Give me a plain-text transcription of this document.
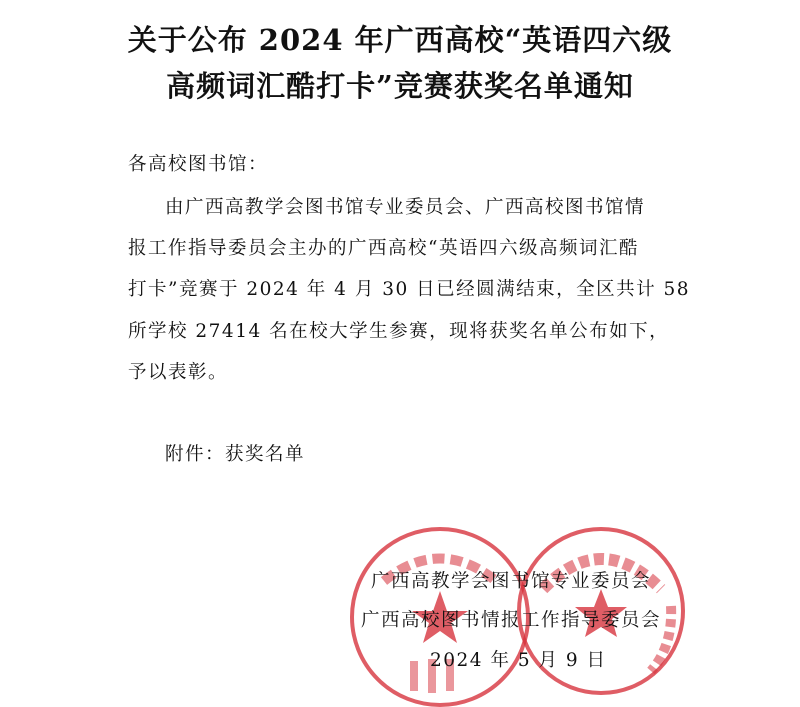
关于公布 2024 年广西高校“英语四六级
高频词汇酷打卡”竞赛获奖名单通知
各高校图书馆：
由广西高教学会图书馆专业委员会、广西高校图书馆情
报工作指导委员会主办的广西高校“英语四六级高频词汇酷
打卡”竞赛于 2024 年 4 月 30 日已经圆满结束，全区共计 58
所学校 27414 名在校大学生参赛，现将获奖名单公布如下，
予以表彰。
附件：获奖名单
广西高教学会图书馆专业委员会
广西高校图书情报工作指导委员会
2024 年 5 月 9 日
